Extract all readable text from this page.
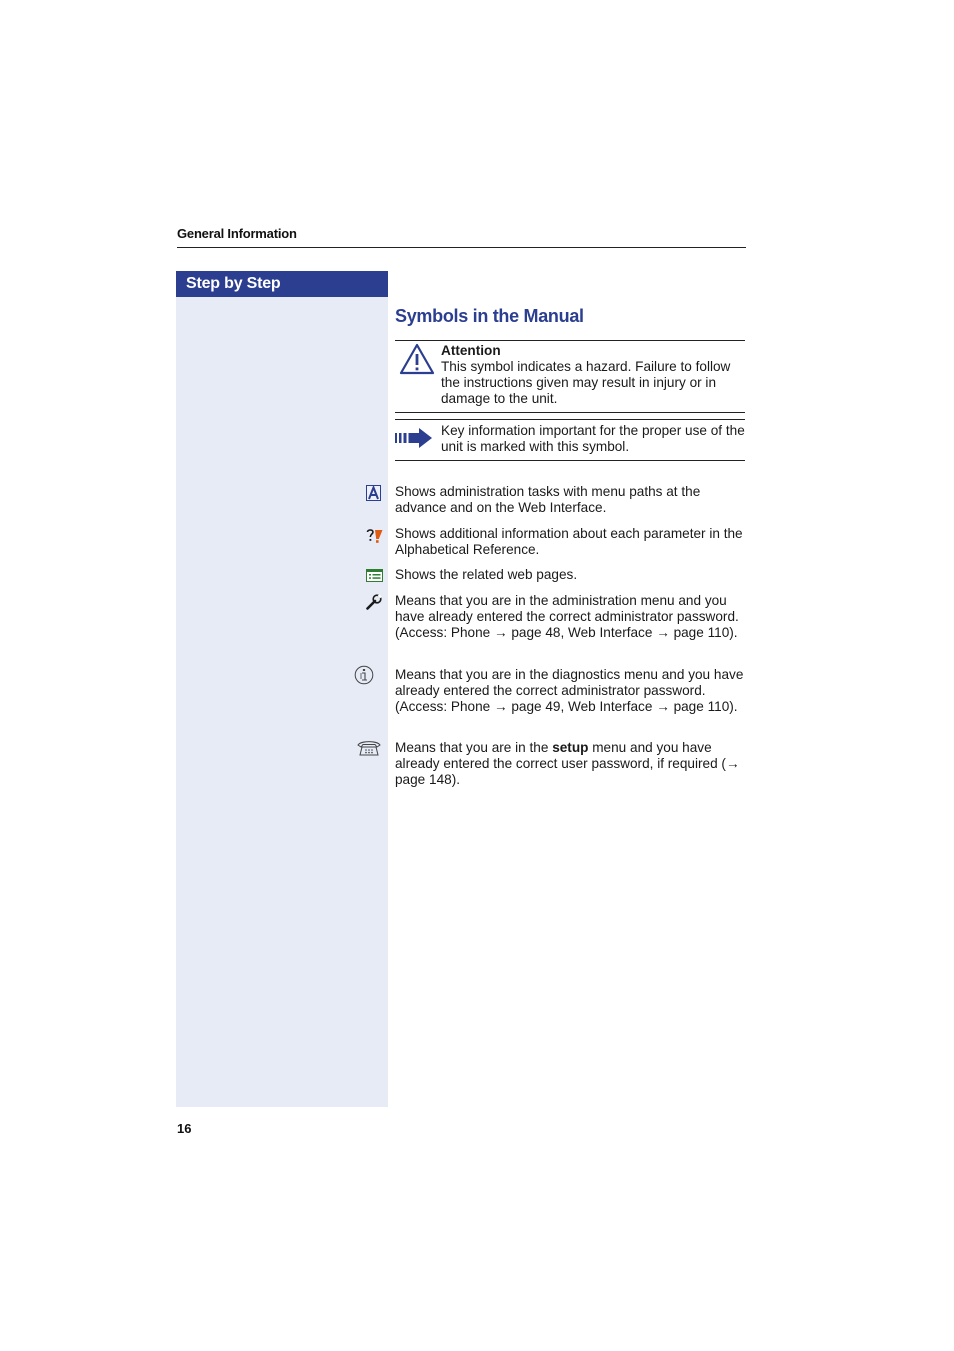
General Information
Step by Step
Symbols in the Manual
Attention
This symbol indicates a hazard. Failure to follow the instructions given may result in injury or in damage to the unit.
Key information important for the proper use of the unit is marked with this symbol.
Shows administration tasks with menu paths at the advance and on the Web Interface.
Shows additional information about each parameter in the Alphabetical Reference.
Shows the related web pages.
Means that you are in the administration menu and you have already entered the correct administrator password. (Access: Phone → page 48, Web Interface → page 110).
Means that you are in the diagnostics menu and you have already entered the correct administrator password. (Access: Phone → page 49, Web Interface → page 110).
Means that you are in the setup menu and you have already entered the correct user password, if required (→ page 148).
16
